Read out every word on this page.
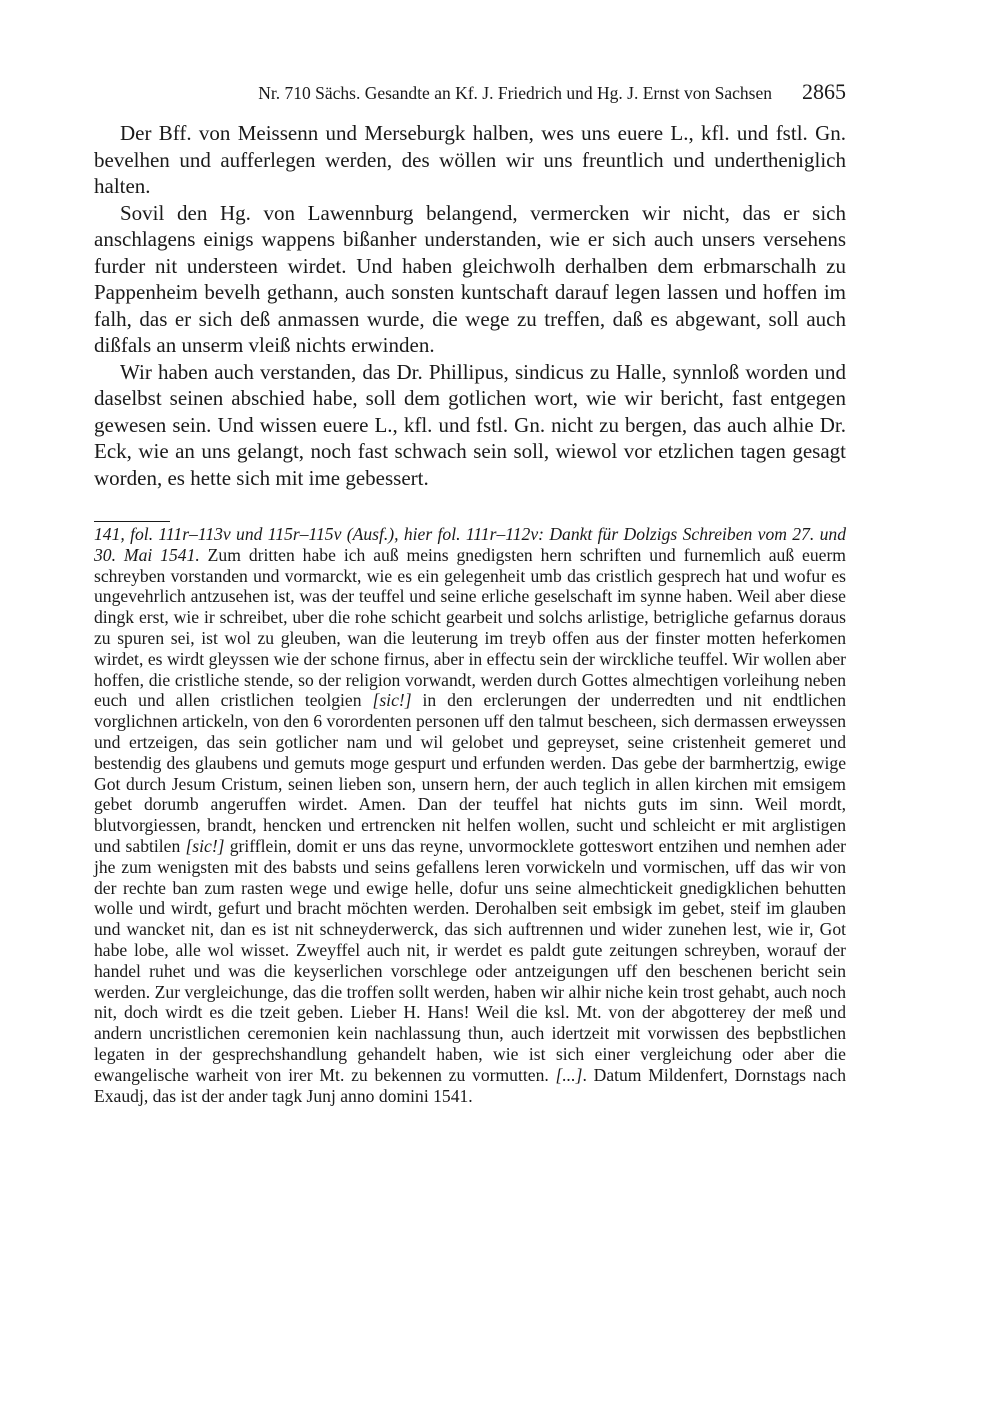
Nr. 710 Sächs. Gesandte an Kf. J. Friedrich und Hg. J. Ernst von Sachsen 2865

Der Bff. von Meissenn und Merseburgk halben, wes uns euere L., kfl. und fstl. Gn. bevelhen und aufferlegen werden, des wöllen wir uns freuntlich und undertheniglich halten.

Sovil den Hg. von Lawennburg belangend, vermercken wir nicht, das er sich anschlagens einigs wappens bißanher understanden, wie er sich auch unsers versehens furder nit understeen wirdet. Und haben gleichwolh derhalben dem erbmarschalh zu Pappenheim bevelh gethann, auch sonsten kuntschaft darauf legen lassen und hoffen im falh, das er sich deß anmassen wurde, die wege zu treffen, daß es abgewant, soll auch dißfals an unserm vleiß nichts erwinden.

Wir haben auch verstanden, das Dr. Phillipus, sindicus zu Halle, synnloß worden und daselbst seinen abschied habe, soll dem gotlichen wort, wie wir bericht, fast entgegen gewesen sein. Und wissen euere L., kfl. und fstl. Gn. nicht zu bergen, das auch alhie Dr. Eck, wie an uns gelangt, noch fast schwach sein soll, wiewol vor etzlichen tagen gesagt worden, es hette sich mit ime gebessert.

141, fol. 111r–113v und 115r–115v (Ausf.), hier fol. 111r–112v: Dankt für Dolzigs Schreiben vom 27. und 30. Mai 1541. Zum dritten habe ich auß meins gnedigsten hern schriften und furnemlich auß euerm schreyben vorstanden und vormarckt, wie es ein gelegenheit umb das cristlich gesprech hat und wofur es ungevehrlich antzusehen ist, was der teuffel und seine erliche geselschaft im synne haben. Weil aber diese dingk erst, wie ir schreibet, uber die rohe schicht gearbeit und solchs arlistige, betrigliche gefarnus doraus zu spuren sei, ist wol zu gleuben, wan die leuterung im treyb offen aus der finster motten heferkomen wirdet, es wirdt gleyssen wie der schone firnus, aber in effectu sein der wirckliche teuffel. Wir wollen aber hoffen, die cristliche stende, so der religion vorwandt, werden durch Gottes almechtigen vorleihung neben euch und allen cristlichen teolgien [sic!] in den erclerungen der underredten und nit endtlichen vorglichnen artickeln, von den 6 vorordenten personen uff den talmut bescheen, sich dermassen erweyssen und ertzeigen, das sein gotlicher nam und wil gelobet und gepreyset, seine cristenheit gemeret und bestendig des glaubens und gemuts moge gespurt und erfunden werden. Das gebe der barmhertzig, ewige Got durch Jesum Cristum, seinen lieben son, unsern hern, der auch teglich in allen kirchen mit emsigem gebet dorumb angeruffen wirdet. Amen. Dan der teuffel hat nichts guts im sinn. Weil mordt, blutvorgiessen, brandt, hencken und ertrencken nit helfen wollen, sucht und schleicht er mit arglistigen und sabtilen [sic!] grifflein, domit er uns das reyne, unvormocklete gotteswort entzihen und nemhen ader jhe zum wenigsten mit des babsts und seins gefallens leren vorwickeln und vormischen, uff das wir von der rechte ban zum rasten wege und ewige helle, dofur uns seine almechtickeit gnedigklichen behutten wolle und wirdt, gefurt und bracht möchten werden. Derohalben seit embsigk im gebet, steif im glauben und wancket nit, dan es ist nit schneyderwerck, das sich auftrennen und wider zunehen lest, wie ir, Got habe lobe, alle wol wisset. Zweyffel auch nit, ir werdet es paldt gute zeitungen schreyben, worauf der handel ruhet und was die keyserlichen vorschlege oder antzeigungen uff den beschenen bericht sein werden. Zur vergleichunge, das die troffen sollt werden, haben wir alhir niche kein trost gehabt, auch noch nit, doch wirdt es die tzeit geben. Lieber H. Hans! Weil die ksl. Mt. von der abgotterey der meß und andern uncristlichen ceremonien kein nachlassung thun, auch idertzeit mit vorwissen des bepbstlichen legaten in der gesprechshandlung gehandelt haben, wie ist sich einer vergleichung oder aber die ewangelische warheit von irer Mt. zu bekennen zu vormutten. [...]. Datum Mildenfert, Dornstags nach Exaudj, das ist der ander tagk Junj anno domini 1541.
